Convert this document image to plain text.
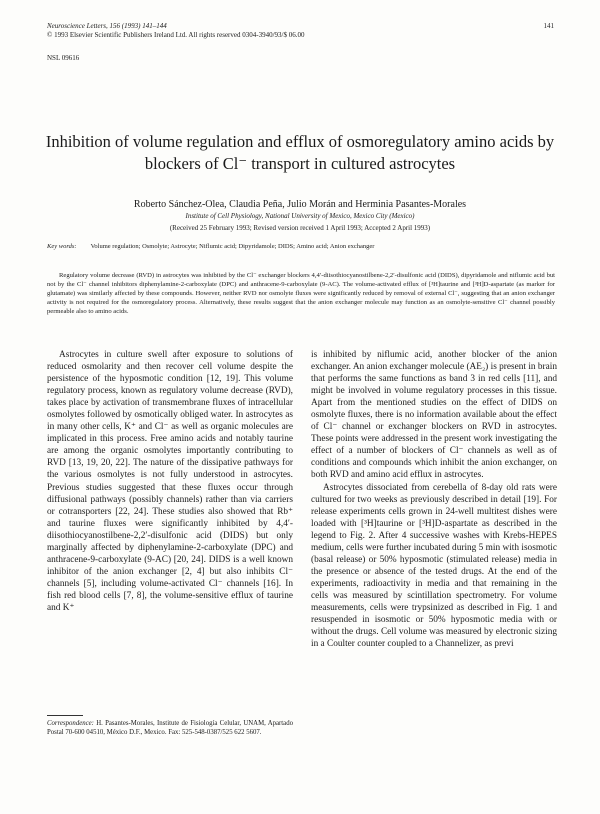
Neuroscience Letters, 156 (1993) 141–144
© 1993 Elsevier Scientific Publishers Ireland Ltd. All rights reserved 0304-3940/93/$ 06.00
141
NSL 09616
Inhibition of volume regulation and efflux of osmoregulatory amino acids by blockers of Cl⁻ transport in cultured astrocytes
Roberto Sánchez-Olea, Claudia Peña, Julio Morán and Herminia Pasantes-Morales
Institute of Cell Physiology, National University of Mexico, Mexico City (Mexico)
(Received 25 February 1993; Revised version received 1 April 1993; Accepted 2 April 1993)
Key words: Volume regulation; Osmolyte; Astrocyte; Niflumic acid; Dipyridamole; DIDS; Amino acid; Anion exchanger

Regulatory volume decrease (RVD) in astrocytes was inhibited by the Cl⁻ exchanger blockers 4,4′-diisothiocyanostilbene-2,2′-disulfonic acid (DIDS), dipyridamole and niflumic acid but not by the Cl⁻ channel inhibitors diphenylamine-2-carboxylate (DPC) and anthracene-9-carboxylate (9-AC). The volume-activated efflux of [³H]taurine and [³H]D-aspartate (as marker for glutamate) was similarly affected by these compounds. However, neither RVD nor osmolyte fluxes were significantly reduced by removal of external Cl⁻, suggesting that an anion exchanger activity is not required for the osmoregulatory process. Alternatively, these results suggest that the anion exchanger molecule may function as an osmolyte-sensitive Cl⁻ channel possibly permeable also to amino acids.

Astrocytes in culture swell after exposure to solutions of reduced osmolarity and then recover cell volume despite the persistence of the hyposmotic condition [12, 19]. This volume regulatory process, known as regulatory volume decrease (RVD), takes place by activation of transmembrane fluxes of intracellular osmolytes followed by osmotically obliged water. In astrocytes as in many other cells, K⁺ and Cl⁻ as well as organic molecules are implicated in this process. Free amino acids and notably taurine are among the organic osmolytes importantly contributing to RVD [13, 19, 20, 22]. The nature of the dissipative pathways for the various osmolytes is not fully understood in astrocytes. Previous studies suggested that these fluxes occur through diffusional pathways (possibly channels) rather than via carriers or cotransporters [22, 24]. These studies also showed that Rb⁺ and taurine fluxes were significantly inhibited by 4,4′-diisothiocyanostilbene-2,2′-disulfonic acid (DIDS) but only marginally affected by diphenylamine-2-carboxylate (DPC) and anthracene-9-carboxylate (9-AC) [20, 24]. DIDS is a well known inhibitor of the anion exchanger [2, 4] but also inhibits Cl⁻ channels [5], including volume-activated Cl⁻ channels [16]. In fish red blood cells [7, 8], the volume-sensitive efflux of taurine and K⁺

is inhibited by niflumic acid, another blocker of the anion exchanger. An anion exchanger molecule (AE₂) is present in brain that performs the same functions as band 3 in red cells [11], and might be involved in volume regulatory processes in this tissue. Apart from the mentioned studies on the effect of DIDS on osmolyte fluxes, there is no information available about the effect of Cl⁻ channel or exchanger blockers on RVD in astrocytes. These points were addressed in the present work investigating the effect of a number of blockers of Cl⁻ channels as well as of conditions and compounds which inhibit the anion exchanger, on both RVD and amino acid efflux in astrocytes.

Astrocytes dissociated from cerebella of 8-day old rats were cultured for two weeks as previously described in detail [19]. For release experiments cells grown in 24-well multitest dishes were loaded with [³H]taurine or [³H]D-aspartate as described in the legend to Fig. 2. After 4 successive washes with Krebs-HEPES medium, cells were further incubated during 5 min with isosmotic (basal release) or 50% hyposmotic (stimulated release) media in the presence or absence of the tested drugs. At the end of the experiments, radioactivity in media and that remaining in the cells was measured by scintillation spectrometry. For volume measurements, cells were trypsinized as described in Fig. 1 and resuspended in isosmotic or 50% hyposmotic media with or without the drugs. Cell volume was measured by electronic sizing in a Coulter counter coupled to a Channelizer, as previ

Correspondence: H. Pasantes-Morales, Institute de Fisiología Celular, UNAM, Apartado Postal 70-600 04510, México D.F., Mexico. Fax: 525-548-0387/525 622 5607.
